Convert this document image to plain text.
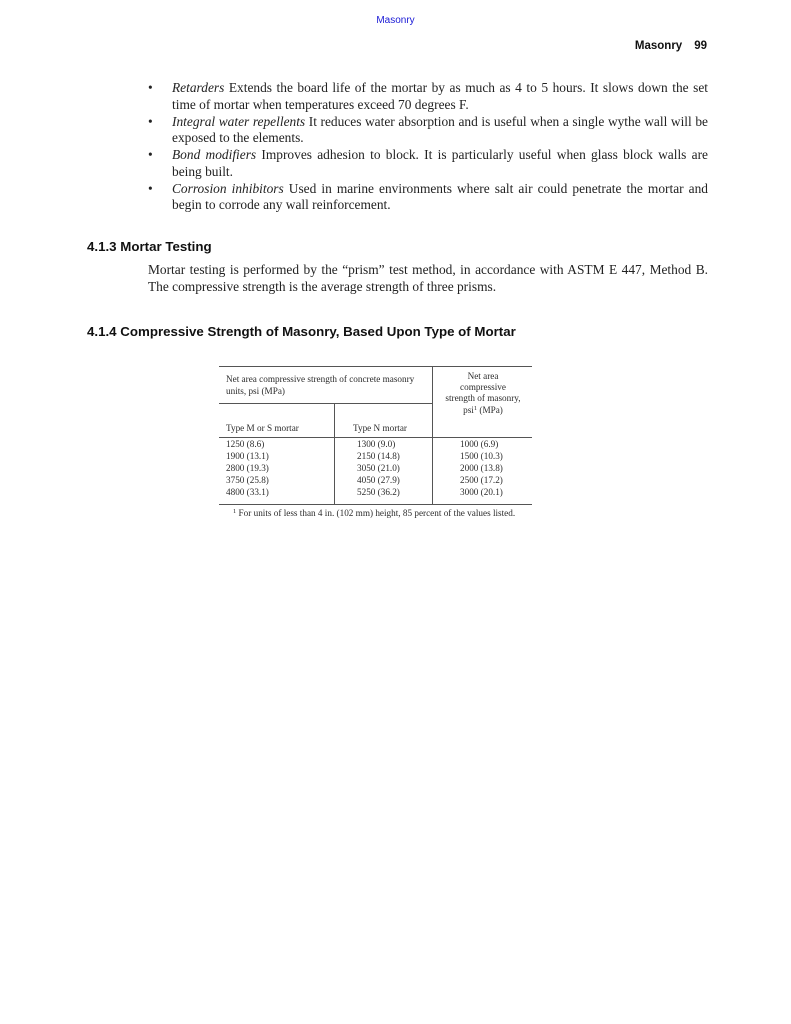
Masonry
Masonry 99
• Retarders Extends the board life of the mortar by as much as 4 to 5 hours. It slows down the set time of mortar when temperatures exceed 70 degrees F.
• Integral water repellents It reduces water absorption and is useful when a single wythe wall will be exposed to the elements.
• Bond modifiers Improves adhesion to block. It is particularly useful when glass block walls are being built.
• Corrosion inhibitors Used in marine environments where salt air could penetrate the mortar and begin to corrode any wall reinforcement.
4.1.3 Mortar Testing

Mortar testing is performed by the “prism” test method, in accordance with ASTM E 447, Method B. The compressive strength is the average strength of three prisms.

4.1.4 Compressive Strength of Masonry, Based Upon Type of Mortar
Net area compressive strength of concrete masonry units, psi (MPa)
Type M or S mortar	Type N mortar
Net area compressive strength of masonry, psi$^1$ (MPa)
1250 (8.6)	1300 (9.0)	1000 (6.9)
1900 (13.1)	2150 (14.8)	1500 (10.3)
2800 (19.3)	3050 (21.0)	2000 (13.8)
3750 (25.8)	4050 (27.9)	2500 (17.2)
4800 (33.1)	5250 (36.2)	3000 (20.1)
$^1$ For units of less than 4 in. (102 mm) height, 85 percent of the values listed.
